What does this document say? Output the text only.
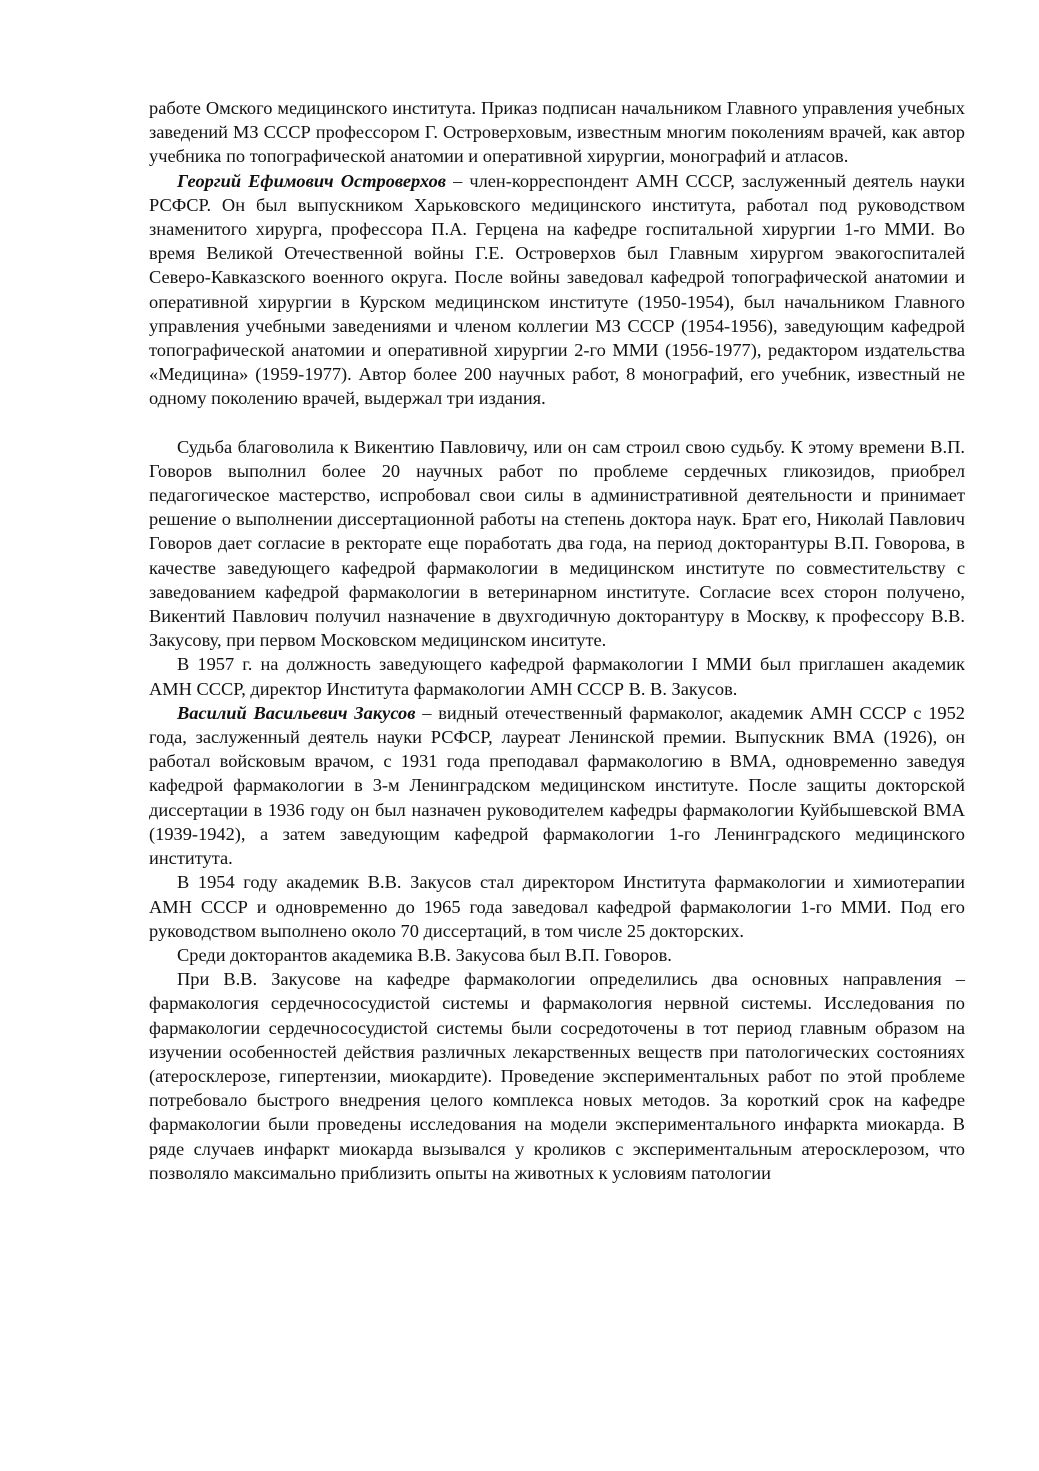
работе Омского медицинского института. Приказ подписан начальником Главного управления учебных заведений МЗ СССР профессором Г. Островерховым, известным многим поколениям врачей, как автор учебника по топографической анатомии и оперативной хирургии, монографий и атласов.

Георгий Ефимович Островерхов – член-корреспондент АМН СССР, заслуженный деятель науки РСФСР. Он был выпускником Харьковского медицинского института, работал под руководством знаменитого хирурга, профессора П.А. Герцена на кафедре госпитальной хирургии 1-го ММИ. Во время Великой Отечественной войны Г.Е. Островерхов был Главным хирургом эвакогоспиталей Северо-Кавказского военного округа. После войны заведовал кафедрой топографической анатомии и оперативной хирургии в Курском медицинском институте (1950-1954), был начальником Главного управления учебными заведениями и членом коллегии МЗ СССР (1954-1956), заведующим кафедрой топографической анатомии и оперативной хирургии 2-го ММИ (1956-1977), редактором издательства «Медицина» (1959-1977). Автор более 200 научных работ, 8 монографий, его учебник, известный не одному поколению врачей, выдержал три издания.

Судьба благоволила к Викентию Павловичу, или он сам строил свою судьбу. К этому времени В.П. Говоров выполнил более 20 научных работ по проблеме сердечных гликозидов, приобрел педагогическое мастерство, испробовал свои силы в административной деятельности и принимает решение о выполнении диссертационной работы на степень доктора наук. Брат его, Николай Павлович Говоров дает согласие в ректорате еще поработать два года, на период докторантуры В.П. Говорова, в качестве заведующего кафедрой фармакологии в медицинском институте по совместительству с заведованием кафедрой фармакологии в ветеринарном институте. Согласие всех сторон получено, Викентий Павлович получил назначение в двухгодичную докторантуру в Москву, к профессору В.В. Закусову, при первом Московском медицинском инситуте.

В 1957 г. на должность заведующего кафедрой фармакологии I ММИ был приглашен академик АМН СССР, директор Института фармакологии АМН СССР В. В. Закусов.

Василий Васильевич Закусов – видный отечественный фармаколог, академик АМН СССР с 1952 года, заслуженный деятель науки РСФСР, лауреат Ленинской премии. Выпускник ВМА (1926), он работал войсковым врачом, с 1931 года преподавал фармакологию в ВМА, одновременно заведуя кафедрой фармакологии в 3-м Ленинградском медицинском институте. После защиты докторской диссертации в 1936 году он был назначен руководителем кафедры фармакологии Куйбышевской ВМА (1939-1942), а затем заведующим кафедрой фармакологии 1-го Ленинградского медицинского института.

В 1954 году академик В.В. Закусов стал директором Института фармакологии и химиотерапии АМН СССР и одновременно до 1965 года заведовал кафедрой фармакологии 1-го ММИ. Под его руководством выполнено около 70 диссертаций, в том числе 25 докторских.

Среди докторантов академика В.В. Закусова был В.П. Говоров.

При В.В. Закусове на кафедре фармакологии определились два основных направления – фармакология сердечнососудистой системы и фармакология нервной системы. Исследования по фармакологии сердечнососудистой системы были сосредоточены в тот период главным образом на изучении особенностей действия различных лекарственных веществ при патологических состояниях (атеросклерозе, гипертензии, миокардите). Проведение экспериментальных работ по этой проблеме потребовало быстрого внедрения целого комплекса новых методов. За короткий срок на кафедре фармакологии были проведены исследования на модели экспериментального инфаркта миокарда. В ряде случаев инфаркт миокарда вызывался у кроликов с экспериментальным атеросклерозом, что позволяло максимально приблизить опыты на животных к условиям патологии
